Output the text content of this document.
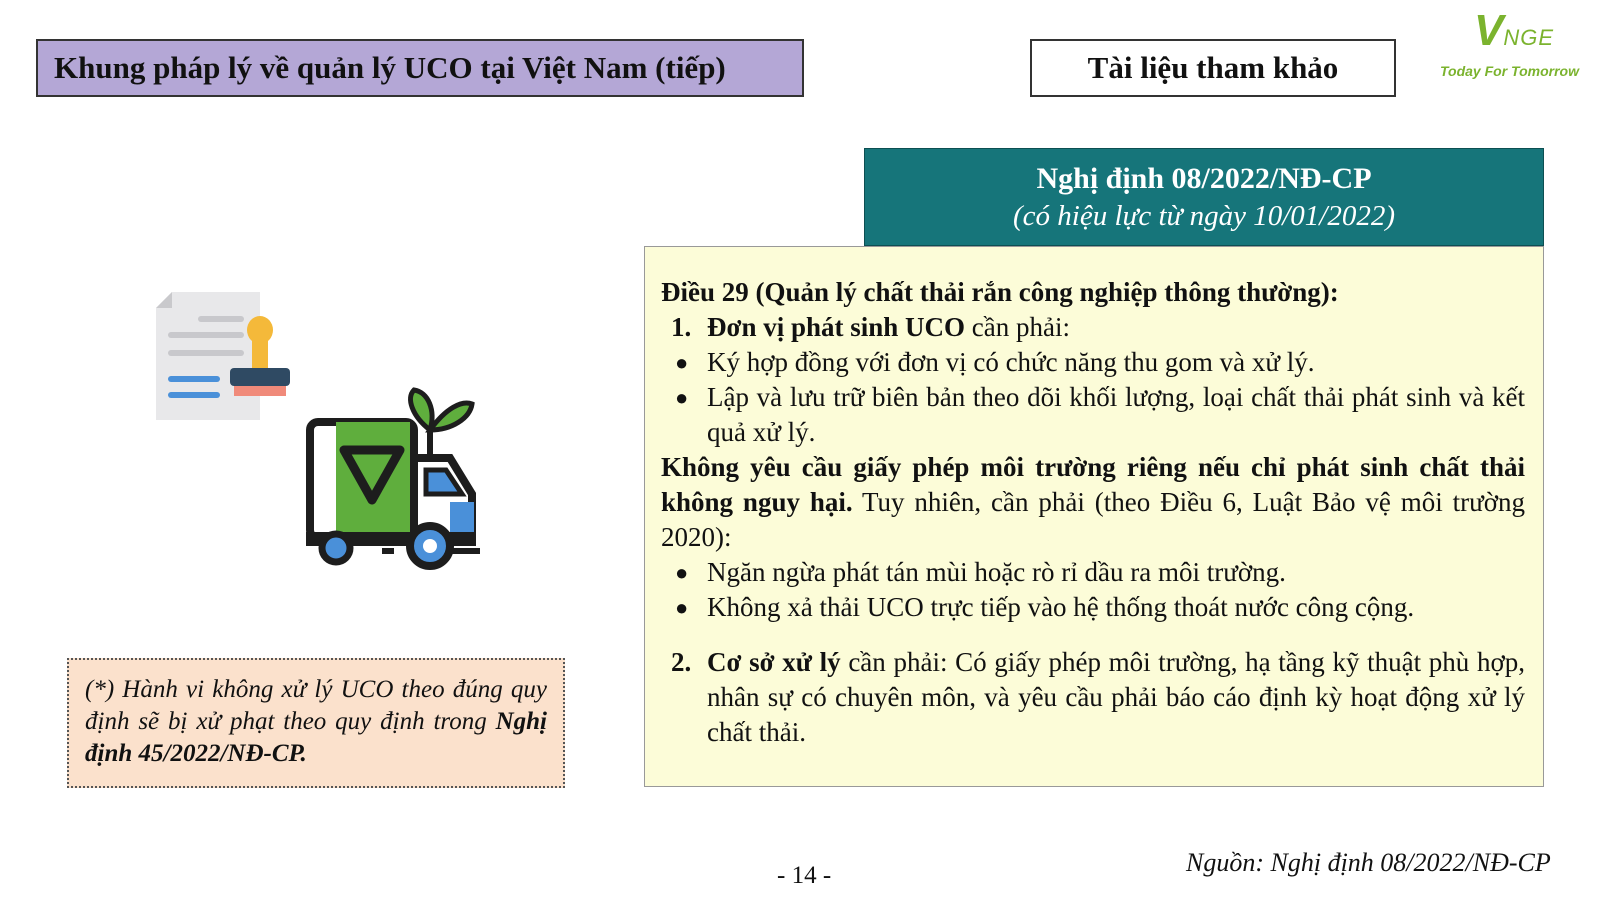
Khung pháp lý về quản lý UCO tại Việt Nam (tiếp)	Tài liệu tham khảo
VNGE
Today For Tomorrow
Nghị định 08/2022/NĐ-CP
(có hiệu lực từ ngày 10/01/2022)
Điều 29 (Quản lý chất thải rắn công nghiệp thông thường):
1. Đơn vị phát sinh UCO cần phải:
● Ký hợp đồng với đơn vị có chức năng thu gom và xử lý.
● Lập và lưu trữ biên bản theo dõi khối lượng, loại chất thải phát sinh và kết quả xử lý.
Không yêu cầu giấy phép môi trường riêng nếu chỉ phát sinh chất thải không nguy hại. Tuy nhiên, cần phải (theo Điều 6, Luật Bảo vệ môi trường 2020):
● Ngăn ngừa phát tán mùi hoặc rò rỉ dầu ra môi trường.
● Không xả thải UCO trực tiếp vào hệ thống thoát nước công cộng.
2. Cơ sở xử lý cần phải: Có giấy phép môi trường, hạ tầng kỹ thuật phù hợp, nhân sự có chuyên môn, và yêu cầu phải báo cáo định kỳ hoạt động xử lý chất thải.
(*) Hành vi không xử lý UCO theo đúng quy định sẽ bị xử phạt theo quy định trong Nghị định 45/2022/NĐ-CP.
- 14 -	Nguồn: Nghị định 08/2022/NĐ-CP
